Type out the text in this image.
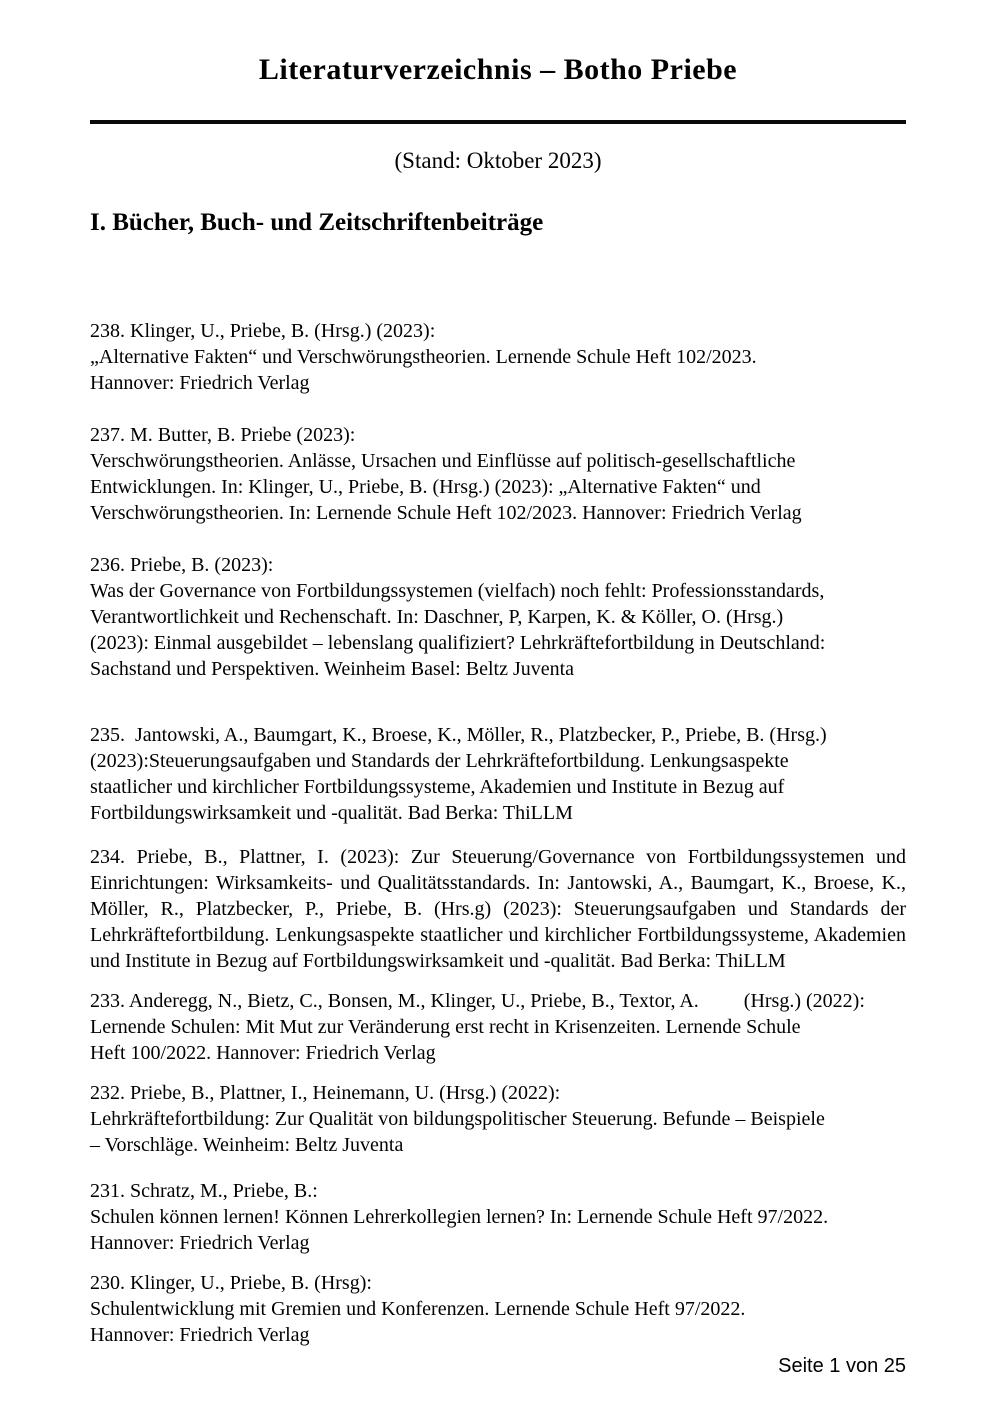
Literaturverzeichnis – Botho Priebe
(Stand: Oktober 2023)
I. Bücher, Buch- und Zeitschriftenbeiträge
238. Klinger, U., Priebe, B. (Hrsg.) (2023):
„Alternative Fakten“ und Verschwörungstheorien. Lernende Schule Heft 102/2023.
Hannover: Friedrich Verlag
237. M. Butter, B. Priebe (2023):
Verschwörungstheorien. Anlässe, Ursachen und Einflüsse auf politisch-gesellschaftliche
Entwicklungen. In: Klinger, U., Priebe, B. (Hrsg.) (2023): „Alternative Fakten“ und
Verschwörungstheorien. In: Lernende Schule Heft 102/2023. Hannover: Friedrich Verlag
236. Priebe, B. (2023):
Was der Governance von Fortbildungssystemen (vielfach) noch fehlt: Professionsstandards,
Verantwortlichkeit und Rechenschaft. In: Daschner, P, Karpen, K. & Köller, O. (Hrsg.)
(2023): Einmal ausgebildet – lebenslang qualifiziert? Lehrkräftefortbildung in Deutschland:
Sachstand und Perspektiven. Weinheim Basel: Beltz Juventa
235.  Jantowski, A., Baumgart, K., Broese, K., Möller, R., Platzbecker, P., Priebe, B. (Hrsg.)
(2023):Steuerungsaufgaben und Standards der Lehrkräftefortbildung. Lenkungsaspekte
staatlicher und kirchlicher Fortbildungssysteme, Akademien und Institute in Bezug auf
Fortbildungswirksamkeit und -qualität. Bad Berka: ThiLLM
234. Priebe, B., Plattner, I. (2023): Zur Steuerung/Governance von Fortbildungssystemen und
Einrichtungen: Wirksamkeits- und Qualitätsstandards. In: Jantowski, A., Baumgart, K., Broese, K.,
Möller, R., Platzbecker, P., Priebe, B. (Hrs.g) (2023): Steuerungsaufgaben und Standards der
Lehrkräftefortbildung. Lenkungsaspekte staatlicher und kirchlicher Fortbildungssysteme, Akademien
und Institute in Bezug auf Fortbildungswirksamkeit und -qualität. Bad Berka: ThiLLM
233. Anderegg, N., Bietz, C., Bonsen, M., Klinger, U., Priebe, B., Textor, A.         (Hrsg.) (2022):
Lernende Schulen: Mit Mut zur Veränderung erst recht in Krisenzeiten. Lernende Schule
Heft 100/2022. Hannover: Friedrich Verlag
232. Priebe, B., Plattner, I., Heinemann, U. (Hrsg.) (2022):
Lehrkräftefortbildung: Zur Qualität von bildungspolitischer Steuerung. Befunde – Beispiele
– Vorschläge. Weinheim: Beltz Juventa
231. Schratz, M., Priebe, B.:
Schulen können lernen! Können Lehrerkollegien lernen? In: Lernende Schule Heft 97/2022.
Hannover: Friedrich Verlag
230. Klinger, U., Priebe, B. (Hrsg):
Schulentwicklung mit Gremien und Konferenzen. Lernende Schule Heft 97/2022.
Hannover: Friedrich Verlag
Seite 1 von 25
